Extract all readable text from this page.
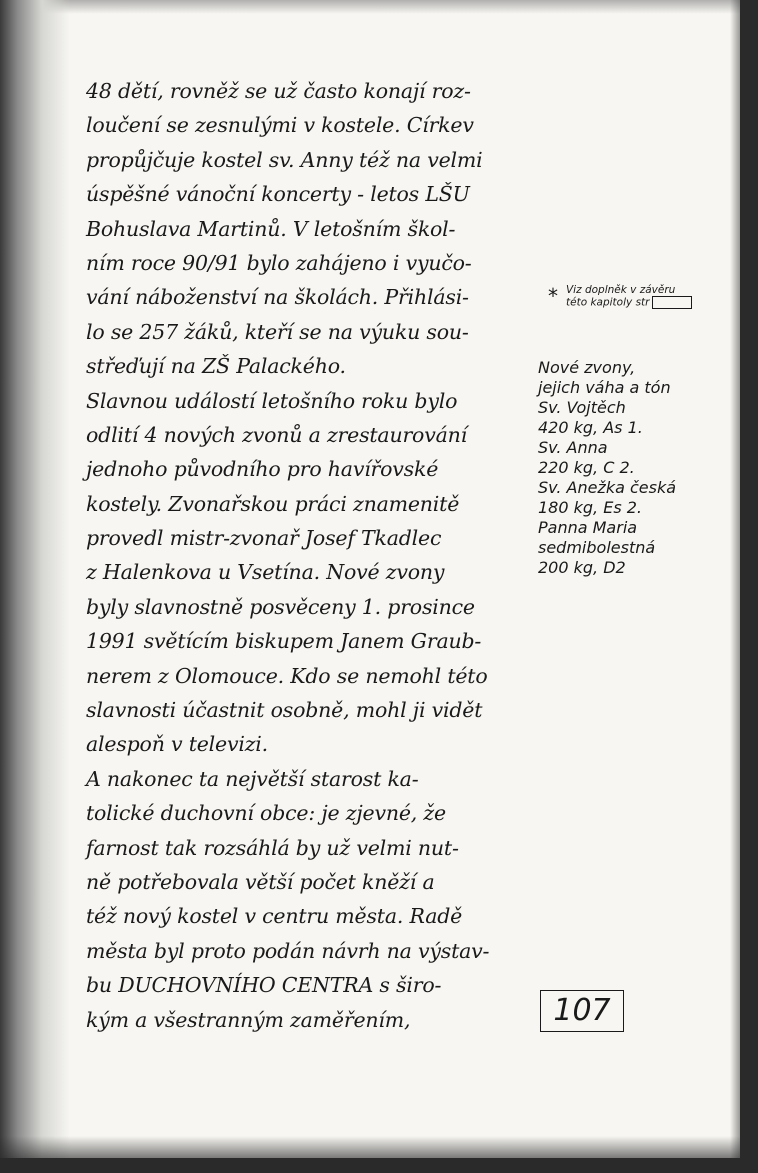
48 dětí, rovněž se už často konají roz-
loučení se zesnulými v kostele. Církev
propůjčuje kostel sv. Anny též na velmi
úspěšné vánoční koncerty - letos LŠU
Bohuslava Martinů. V letošním škol-
ním roce 90/91 bylo zahájeno i vyučo-
vání náboženství na školách. Přihlási-
lo se 257 žáků, kteří se na výuku sou-
střeďují na ZŠ Palackého.
Slavnou událostí letošního roku bylo
odlití 4 nových zvonů a zrestaurování
jednoho původního pro havířovské
kostely. Zvonařskou práci znamenitě
provedl mistr-zvonař Josef Tkadlec
z Halenkova u Vsetína. Nové zvony
byly slavnostně posvěceny 1. prosince
1991 světícím biskupem Janem Graub-
nerem z Olomouce. Kdo se nemohl této
slavnosti účastnit osobně, mohl ji vidět
alespoň v televizi.
A nakonec ta největší starost ka-
tolické duchovní obce: je zjevné, že
farnost tak rozsáhlá by už velmi nut-
ně potřebovala větší počet kněží a
též nový kostel v centru města. Radě
města byl proto podán návrh na výstav-
bu DUCHOVNÍHO CENTRA s širo-
kým a všestranným zaměřením,
* Viz doplněk v závěru
této kapitoly str
Nové zvony,
jejich váha a tón
Sv. Vojtěch
420 kg, As 1.
Sv. Anna
220 kg, C 2.
Sv. Anežka česká
180 kg, Es 2.
Panna Maria
sedmibolestná
200 kg, D2
107
